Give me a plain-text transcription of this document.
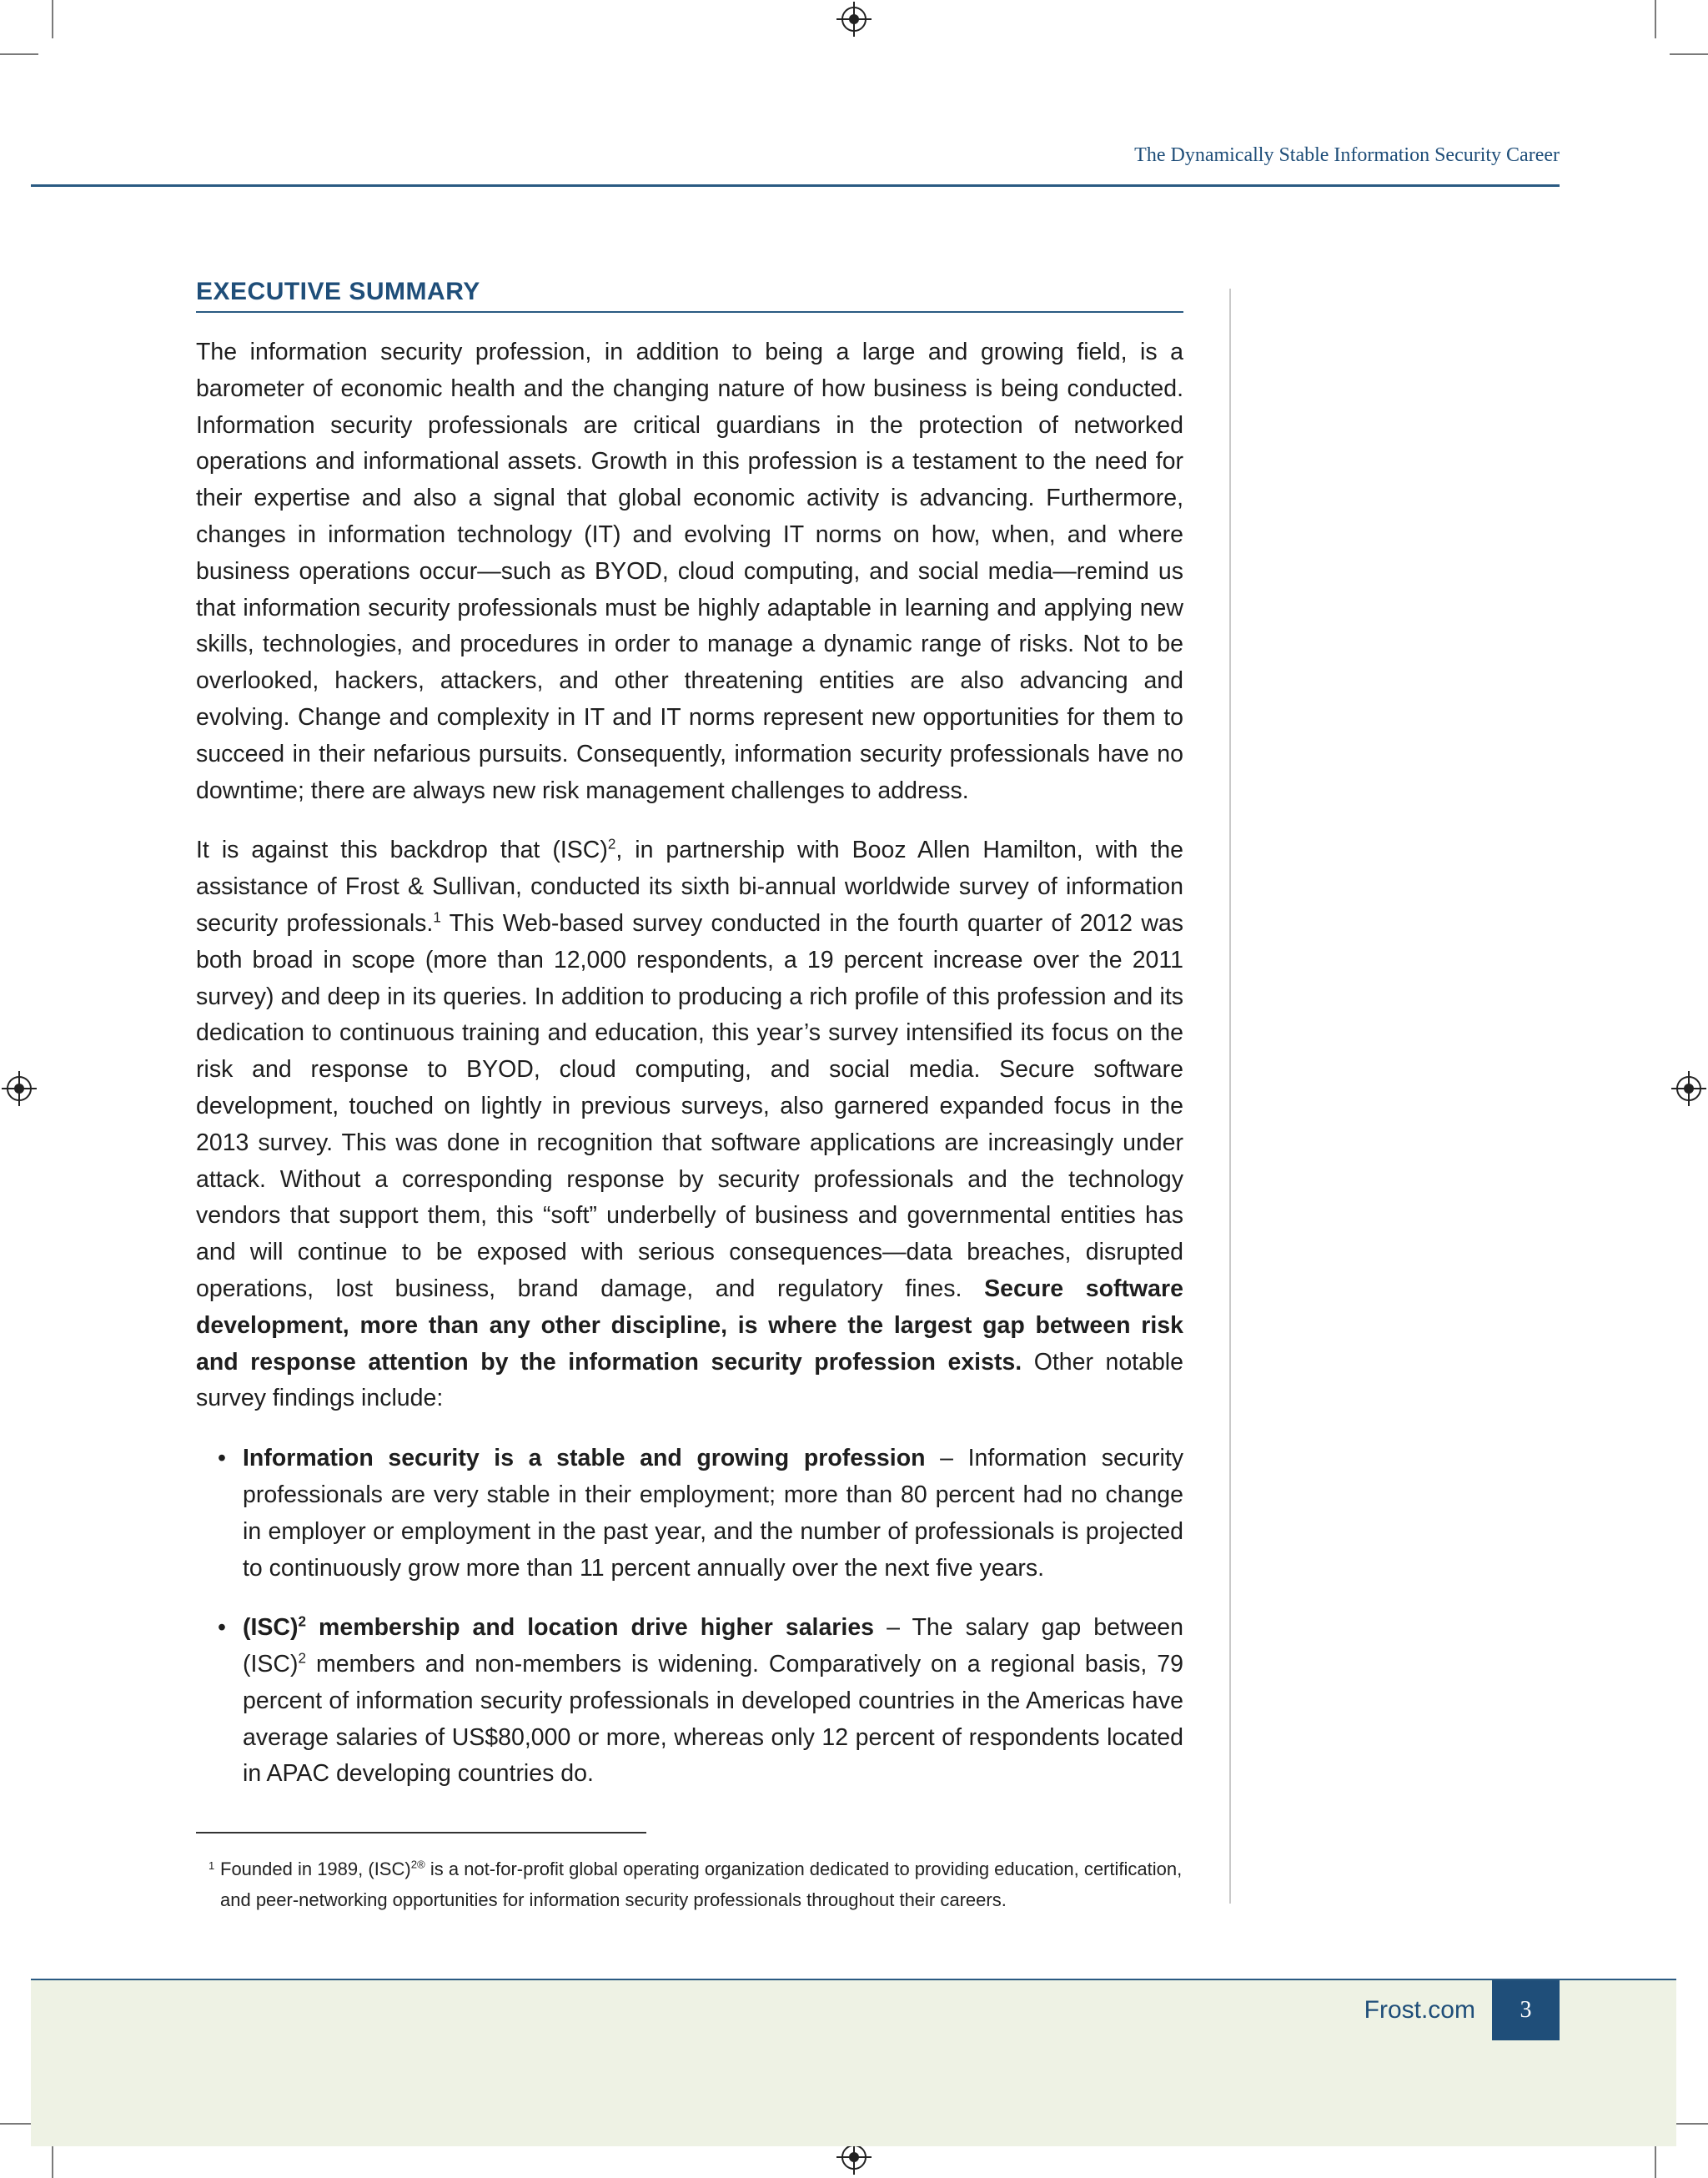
The Dynamically Stable Information Security Career
EXECUTIVE SUMMARY

The information security profession, in addition to being a large and growing field, is a barometer of economic health and the changing nature of how business is being conducted. Information security professionals are critical guardians in the protection of networked operations and informational assets. Growth in this profession is a testament to the need for their expertise and also a signal that global economic activity is advancing. Furthermore, changes in information technology (IT) and evolving IT norms on how, when, and where business operations occur—such as BYOD, cloud computing, and social media—remind us that information security professionals must be highly adaptable in learning and applying new skills, technologies, and procedures in order to manage a dynamic range of risks. Not to be overlooked, hackers, attackers, and other threatening entities are also advancing and evolving. Change and complexity in IT and IT norms represent new opportunities for them to succeed in their nefarious pursuits. Consequently, information security professionals have no downtime; there are always new risk management challenges to address.

It is against this backdrop that (ISC)$^2$, in partnership with Booz Allen Hamilton, with the assistance of Frost & Sullivan, conducted its sixth bi-annual worldwide survey of information security professionals.$^1$ This Web-based survey conducted in the fourth quarter of 2012 was both broad in scope (more than 12,000 respondents, a 19 percent increase over the 2011 survey) and deep in its queries. In addition to producing a rich profile of this profession and its dedication to continuous training and education, this year’s survey intensified its focus on the risk and response to BYOD, cloud computing, and social media. Secure software development, touched on lightly in previous surveys, also garnered expanded focus in the 2013 survey. This was done in recognition that software applications are increasingly under attack. Without a corresponding response by security professionals and the technology vendors that support them, this “soft” underbelly of business and governmental entities has and will continue to be exposed with serious consequences—data breaches, disrupted operations, lost business, brand damage, and regulatory fines. Secure software development, more than any other discipline, is where the largest gap between risk and response attention by the information security profession exists. Other notable survey findings include:

• Information security is a stable and growing profession – Information security professionals are very stable in their employment; more than 80 percent had no change in employer or employment in the past year, and the number of professionals is projected to continuously grow more than 11 percent annually over the next five years.
• (ISC)$^2$ membership and location drive higher salaries – The salary gap between (ISC)$^2$ members and non-members is widening. Comparatively on a regional basis, 79 percent of information security professionals in developed countries in the Americas have average salaries of US$80,000 or more, whereas only 12 percent of respondents located in APAC developing countries do.
1 Founded in 1989, (ISC)$^{2®}$ is a not-for-profit global operating organization dedicated to providing education, certification, and peer-networking opportunities for information security professionals throughout their careers.
Frost.com	3
